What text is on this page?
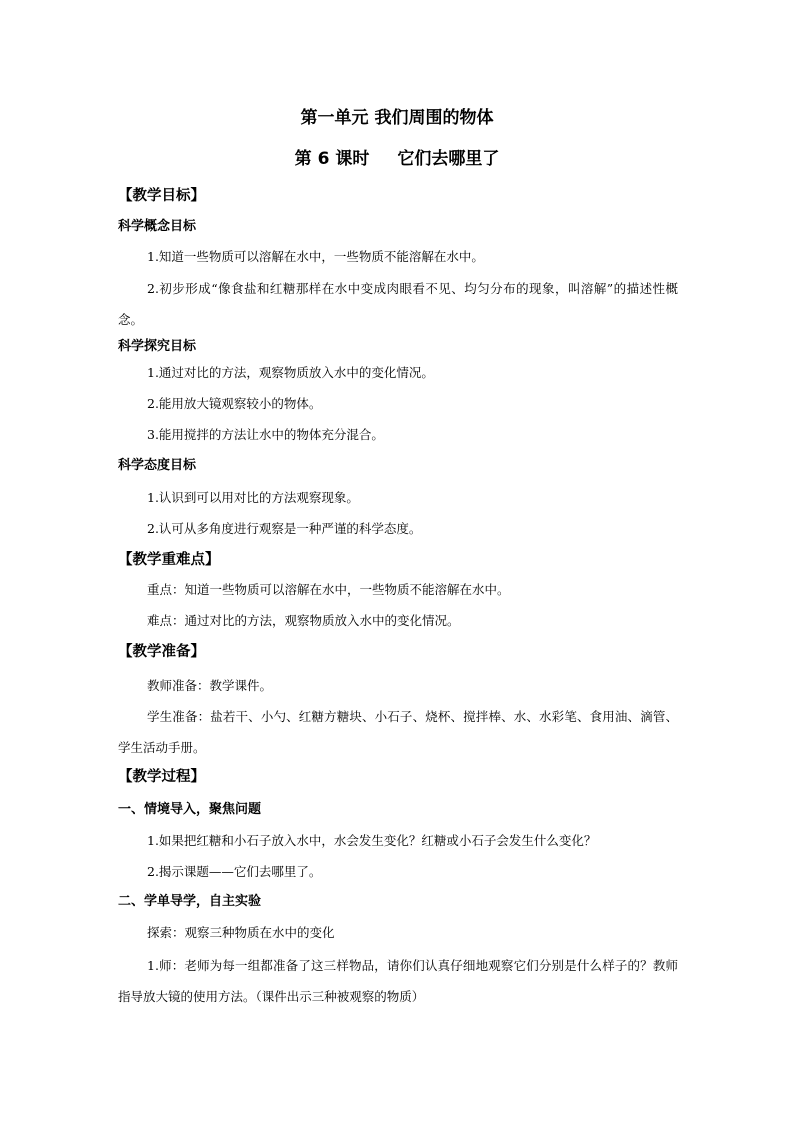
第一单元 我们周围的物体
第 6 课时 它们去哪里了
【教学目标】
科学概念目标
1.知道一些物质可以溶解在水中，一些物质不能溶解在水中。
2.初步形成“像食盐和红糖那样在水中变成肉眼看不见、均匀分布的现象，叫溶解”的描述性概念。
科学探究目标
1.通过对比的方法，观察物质放入水中的变化情况。
2.能用放大镜观察较小的物体。
3.能用搅拌的方法让水中的物体充分混合。
科学态度目标
1.认识到可以用对比的方法观察现象。
2.认可从多角度进行观察是一种严谨的科学态度。
【教学重难点】
重点：知道一些物质可以溶解在水中，一些物质不能溶解在水中。
难点：通过对比的方法，观察物质放入水中的变化情况。
【教学准备】
教师准备：教学课件。
学生准备：盐若干、小勺、红糖方糖块、小石子、烧杯、搅拌棒、水、水彩笔、食用油、滴管、学生活动手册。
【教学过程】
一、情境导入，聚焦问题
1.如果把红糖和小石子放入水中，水会发生变化？红糖或小石子会发生什么变化？
2.揭示课题——它们去哪里了。
二、学单导学，自主实验
探索：观察三种物质在水中的变化
1.师：老师为每一组都准备了这三样物品，请你们认真仔细地观察它们分别是什么样子的？教师指导放大镜的使用方法。（课件出示三种被观察的物质）
